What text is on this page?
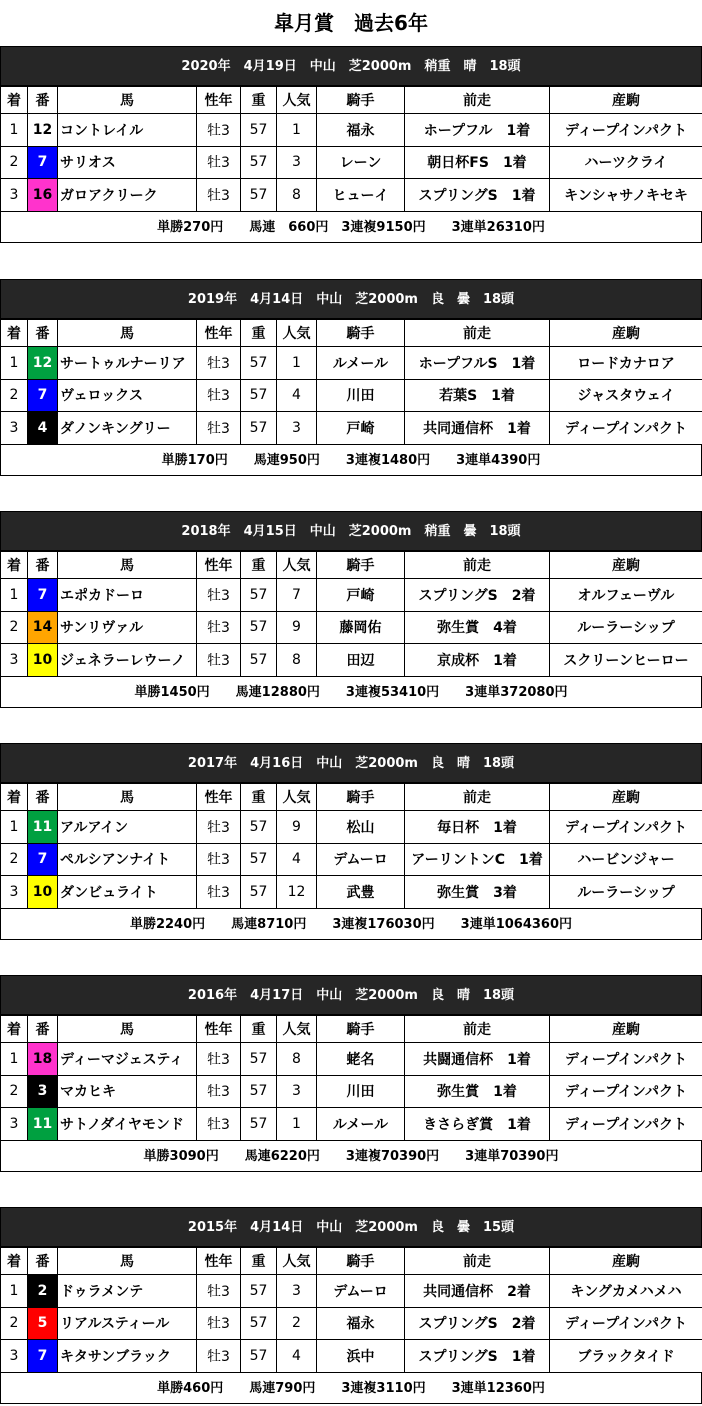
皐月賞　過去6年
2020年　4月19日　中山　芝2000m　稍重　晴　18頭
着	番	馬	性年	重	人気	騎手	前走	産駒
1	12	コントレイル	牡3	57	1	福永	ホープフル　1着	ディープインパクト
2	7	サリオス	牡3	57	3	レーン	朝日杯FS　1着	ハーツクライ
3	16	ガロアクリーク	牡3	57	8	ヒューイ	スプリングS　1着	キンシャサノキセキ
単勝270円　　馬連　660円　3連複9150円　　3連単26310円
2019年　4月14日　中山　芝2000m　良　曇　18頭
着	番	馬	性年	重	人気	騎手	前走	産駒
1	12	サートゥルナーリア	牡3	57	1	ルメール	ホープフルS　1着	ロードカナロア
2	7	ヴェロックス	牡3	57	4	川田	若葉S　1着	ジャスタウェイ
3	4	ダノンキングリー	牡3	57	3	戸崎	共同通信杯　1着	ディープインパクト
単勝170円　　馬連950円　　3連複1480円　　3連単4390円
2018年　4月15日　中山　芝2000m　稍重　曇　18頭
着	番	馬	性年	重	人気	騎手	前走	産駒
1	7	エポカドーロ	牡3	57	7	戸崎	スプリングS　2着	オルフェーヴル
2	14	サンリヴァル	牡3	57	9	藤岡佑	弥生賞　4着	ルーラーシップ
3	10	ジェネラーレウーノ	牡3	57	8	田辺	京成杯　1着	スクリーンヒーロー
単勝1450円　　馬連12880円　　3連複53410円　　3連単372080円
2017年　4月16日　中山　芝2000m　良　晴　18頭
着	番	馬	性年	重	人気	騎手	前走	産駒
1	11	アルアイン	牡3	57	9	松山	毎日杯　1着	ディープインパクト
2	7	ペルシアンナイト	牡3	57	4	デムーロ	アーリントンC　1着	ハービンジャー
3	10	ダンビュライト	牡3	57	12	武豊	弥生賞　3着	ルーラーシップ
単勝2240円　　馬連8710円　　3連複176030円　　3連単1064360円
2016年　4月17日　中山　芝2000m　良　晴　18頭
着	番	馬	性年	重	人気	騎手	前走	産駒
1	18	ディーマジェスティ	牡3	57	8	蛯名	共闘通信杯　1着	ディープインパクト
2	3	マカヒキ	牡3	57	3	川田	弥生賞　1着	ディープインパクト
3	11	サトノダイヤモンド	牡3	57	1	ルメール	きさらぎ賞　1着	ディープインパクト
単勝3090円　　馬連6220円　　3連複70390円　　3連単70390円
2015年　4月14日　中山　芝2000m　良　曇　15頭
着	番	馬	性年	重	人気	騎手	前走	産駒
1	2	ドゥラメンテ	牡3	57	3	デムーロ	共同通信杯　2着	キングカメハメハ
2	5	リアルスティール	牡3	57	2	福永	スプリングS　2着	ディープインパクト
3	7	キタサンブラック	牡3	57	4	浜中	スプリングS　1着	ブラックタイド
単勝460円　　馬連790円　　3連複3110円　　3連単12360円
